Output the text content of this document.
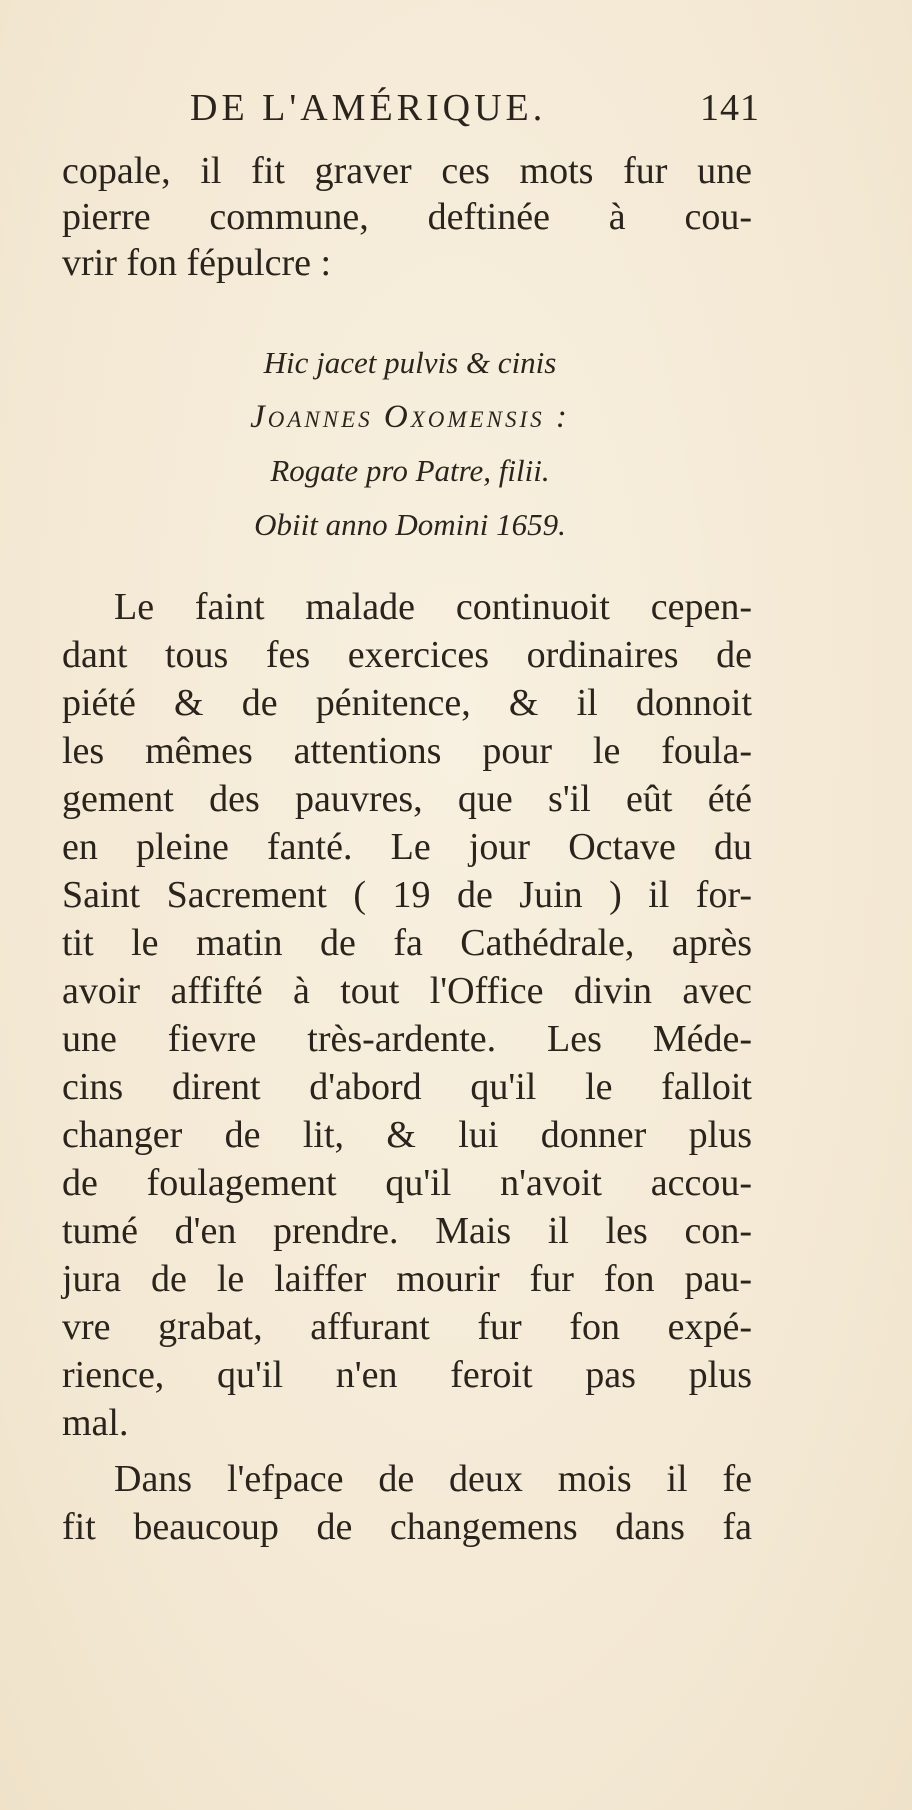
DE L'AMÉRIQUE.	141
copale, il fit graver ces mots fur une
pierre commune, deftinée à cou-
vrir fon fépulcre :
Hic jacet pulvis & cinis
Joannes Oxomensis :
Rogate pro Patre, filii.
Obiit anno Domini 1659.
Le faint malade continuoit cepen-
dant tous fes exercices ordinaires de
piété & de pénitence, & il donnoit
les mêmes attentions pour le foula-
gement des pauvres, que s'il eût été
en pleine fanté. Le jour Octave du
Saint Sacrement ( 19 de Juin ) il for-
tit le matin de fa Cathédrale, après
avoir affifté à tout l'Office divin avec
une fievre très-ardente. Les Méde-
cins dirent d'abord qu'il le falloit
changer de lit, & lui donner plus
de foulagement qu'il n'avoit accou-
tumé d'en prendre. Mais il les con-
jura de le laiffer mourir fur fon pau-
vre grabat, affurant fur fon expé-
rience, qu'il n'en feroit pas plus
mal.
Dans l'efpace de deux mois il fe
fit beaucoup de changemens dans fa
